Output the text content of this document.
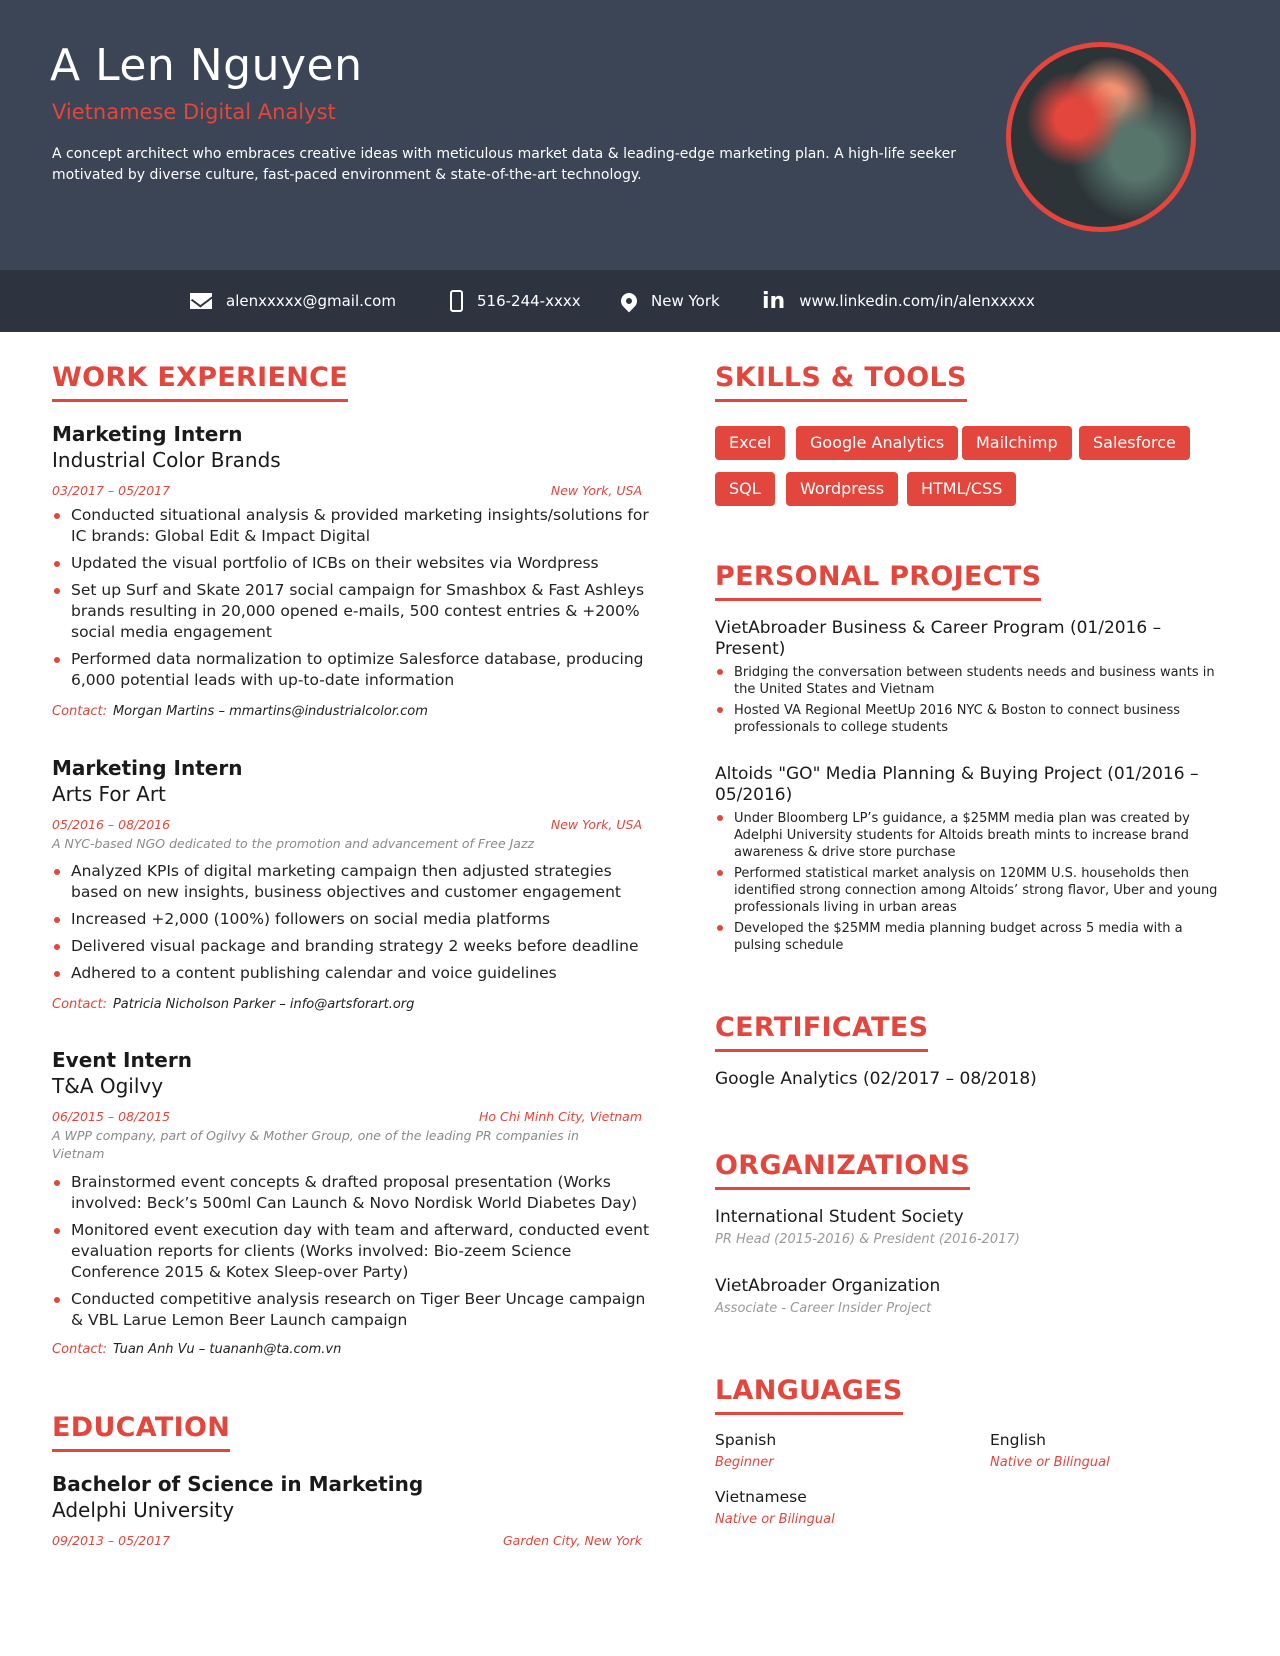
A Len Nguyen
Vietnamese Digital Analyst
A concept architect who embraces creative ideas with meticulous market data & leading-edge marketing plan. A high-life seeker motivated by diverse culture, fast-paced environment & state-of-the-art technology.
alenxxxxx@gmail.com	516-244-xxxx	New York in www.linkedin.com/in/alenxxxxx
WORK EXPERIENCE
Marketing Intern
Industrial Color Brands
03/2017 – 05/2017	New York, USA
Conducted situational analysis & provided marketing insights/solutions for IC brands: Global Edit & Impact Digital
Updated the visual portfolio of ICBs on their websites via Wordpress
Set up Surf and Skate 2017 social campaign for Smashbox & Fast Ashleys brands resulting in 20,000 opened e-mails, 500 contest entries & +200% social media engagement
Performed data normalization to optimize Salesforce database, producing 6,000 potential leads with up-to-date information
Contact: Morgan Martins – mmartins@industrialcolor.com
Marketing Intern
Arts For Art
05/2016 – 08/2016	New York, USA
A NYC-based NGO dedicated to the promotion and advancement of Free Jazz
Analyzed KPIs of digital marketing campaign then adjusted strategies based on new insights, business objectives and customer engagement
Increased +2,000 (100%) followers on social media platforms
Delivered visual package and branding strategy 2 weeks before deadline
Adhered to a content publishing calendar and voice guidelines
Contact: Patricia Nicholson Parker – info@artsforart.org
Event Intern
T&A Ogilvy
06/2015 – 08/2015	Ho Chi Minh City, Vietnam
A WPP company, part of Ogilvy & Mother Group, one of the leading PR companies in Vietnam
Brainstormed event concepts & drafted proposal presentation (Works involved: Beck’s 500ml Can Launch & Novo Nordisk World Diabetes Day)
Monitored event execution day with team and afterward, conducted event evaluation reports for clients (Works involved: Bio-zeem Science Conference 2015 & Kotex Sleep-over Party)
Conducted competitive analysis research on Tiger Beer Uncage campaign & VBL Larue Lemon Beer Launch campaign
Contact: Tuan Anh Vu – tuananh@ta.com.vn
EDUCATION
Bachelor of Science in Marketing
Adelphi University
09/2013 – 05/2017	Garden City, New York
SKILLS & TOOLS
Excel	Google Analytics	Mailchimp	Salesforce
SQL	Wordpress	HTML/CSS
PERSONAL PROJECTS
VietAbroader Business & Career Program (01/2016 – Present)
Bridging the conversation between students needs and business wants in the United States and Vietnam
Hosted VA Regional MeetUp 2016 NYC & Boston to connect business professionals to college students
Altoids "GO" Media Planning & Buying Project (01/2016 – 05/2016)
Under Bloomberg LP’s guidance, a $25MM media plan was created by Adelphi University students for Altoids breath mints to increase brand awareness & drive store purchase
Performed statistical market analysis on 120MM U.S. households then identified strong connection among Altoids’ strong flavor, Uber and young professionals living in urban areas
Developed the $25MM media planning budget across 5 media with a pulsing schedule
CERTIFICATES
Google Analytics (02/2017 – 08/2018)
ORGANIZATIONS
International Student Society
PR Head (2015-2016) & President (2016-2017)
VietAbroader Organization
Associate - Career Insider Project
LANGUAGES
Spanish
Beginner
English
Native or Bilingual
Vietnamese
Native or Bilingual
